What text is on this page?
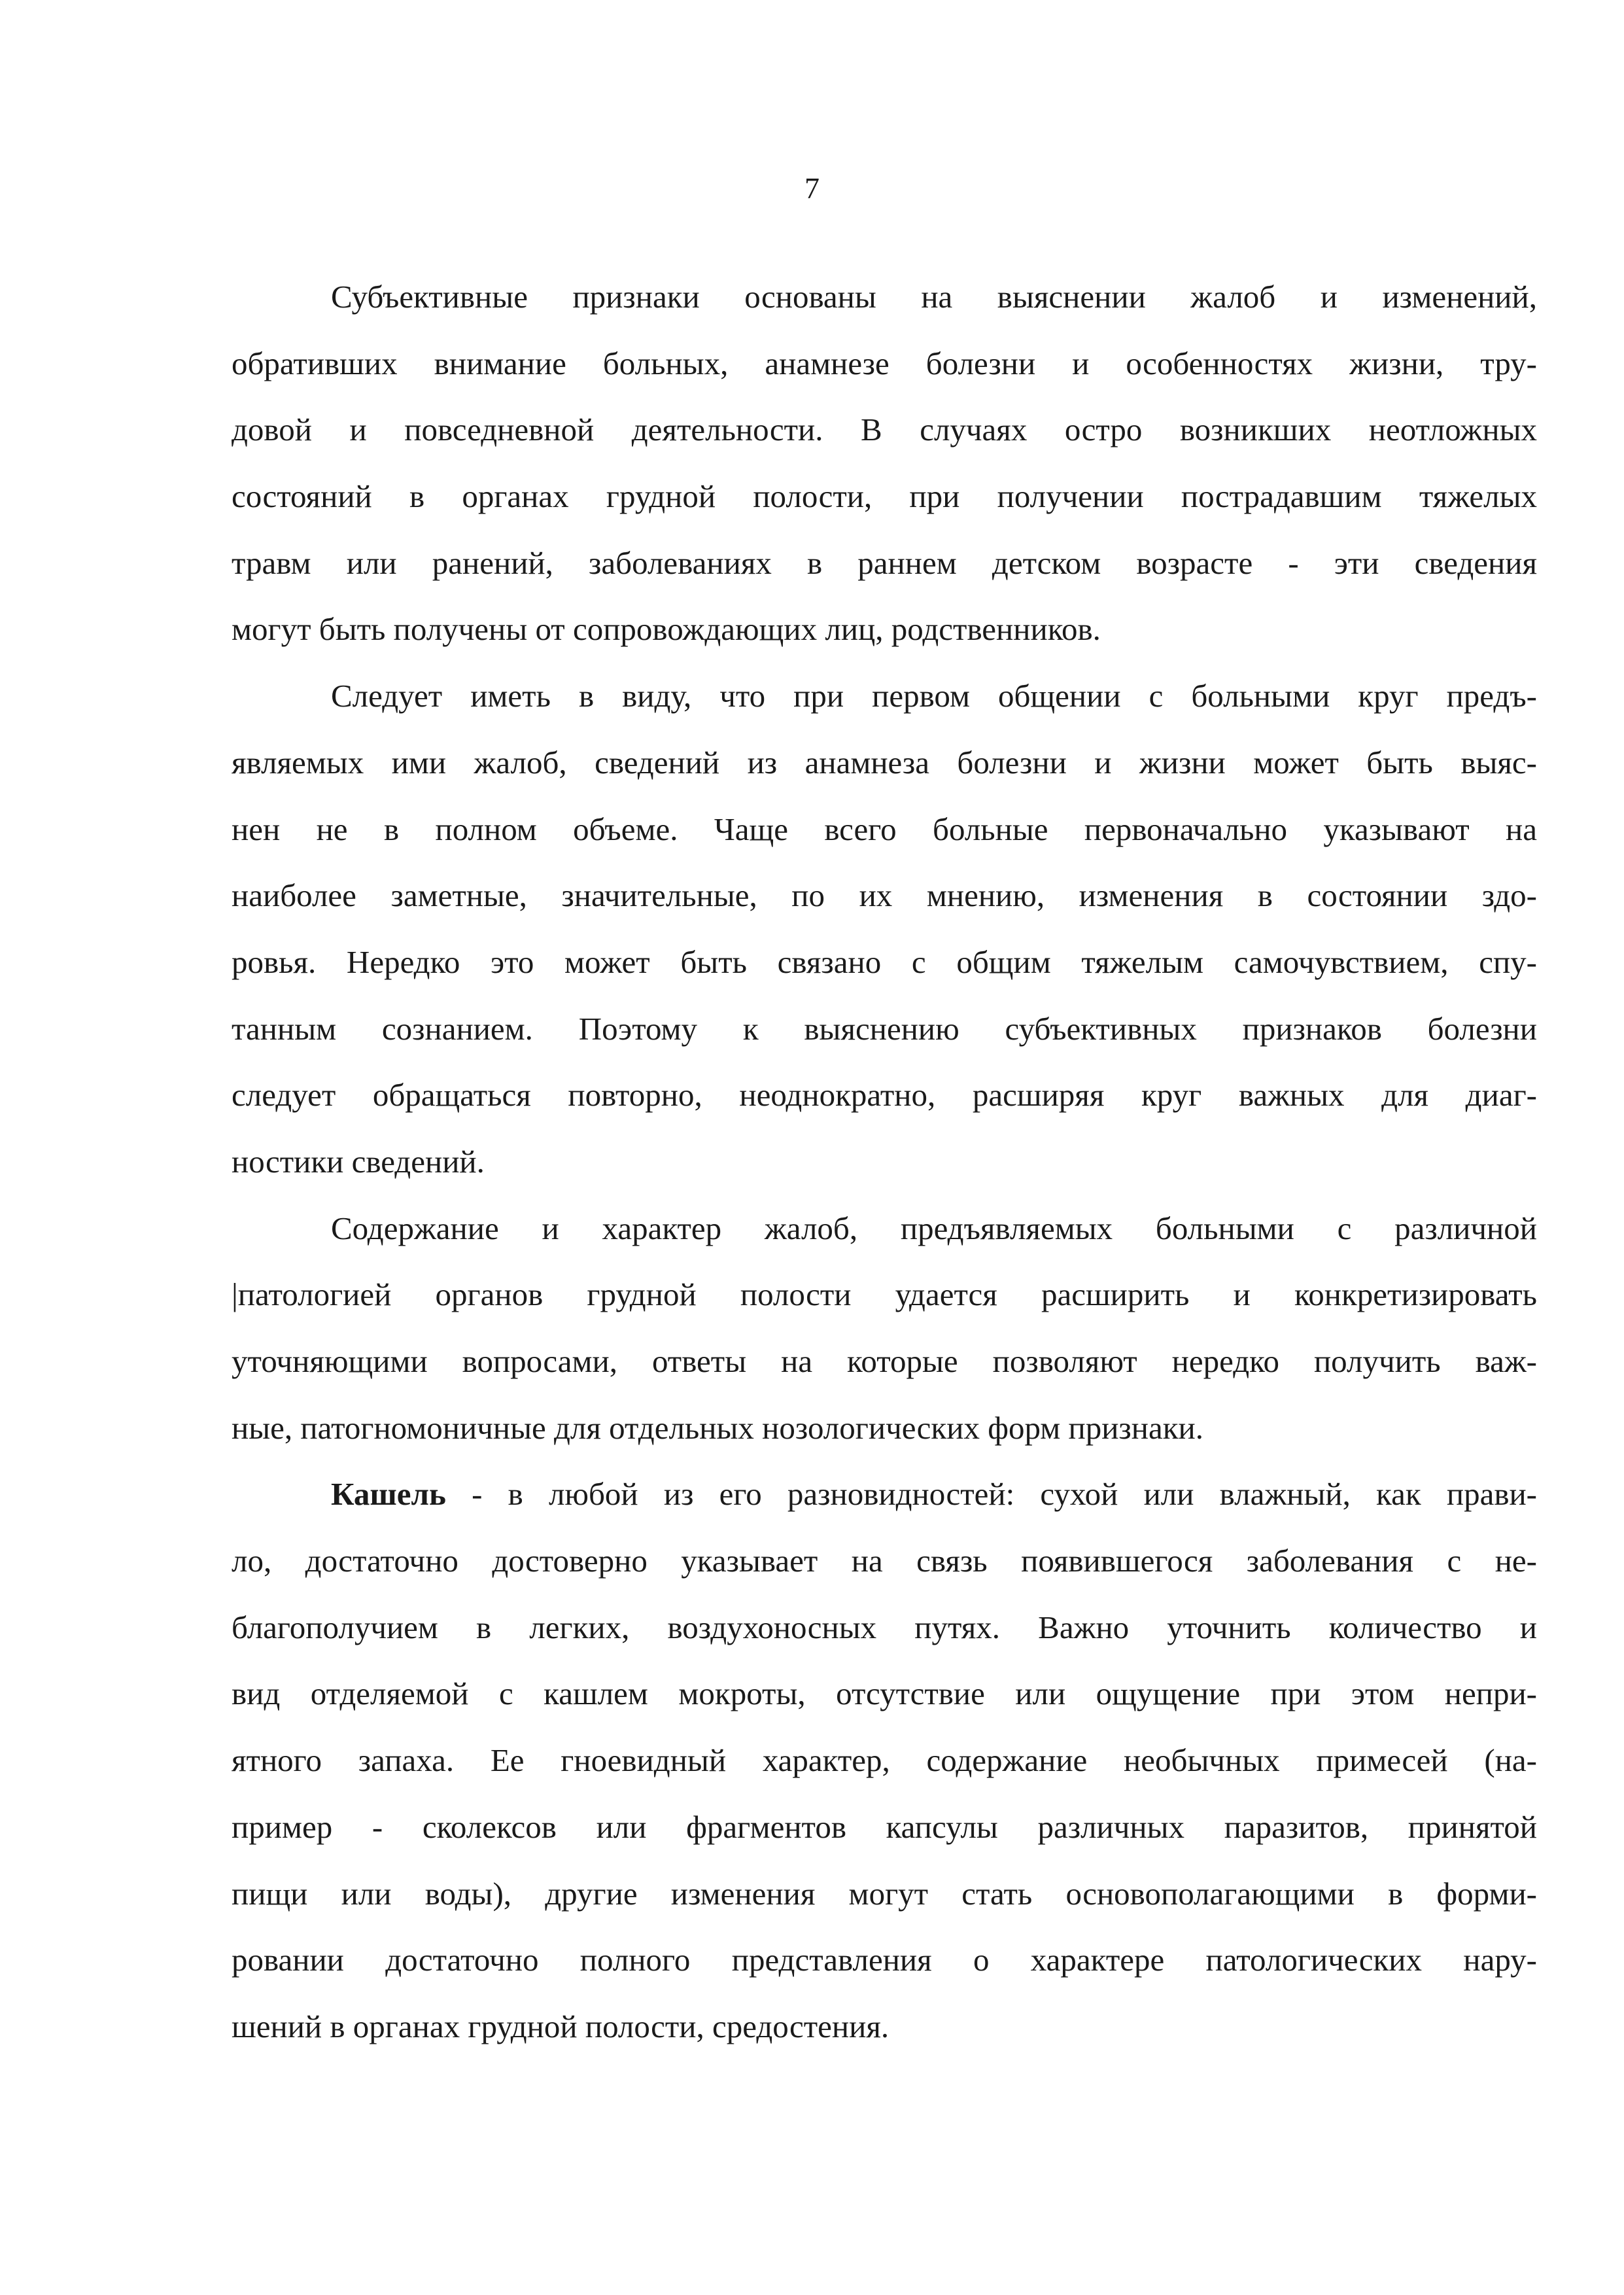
7
Субъективные признаки основаны на выяснении жалоб и изменений,
обративших внимание больных, анамнезе болезни и особенностях жизни, тру-
довой и повседневной деятельности. В случаях остро возникших неотложных
состояний в органах грудной полости, при получении пострадавшим тяжелых
травм или ранений, заболеваниях в раннем детском возрасте - эти сведения
могут быть получены от сопровождающих лиц, родственников.
Следует иметь в виду, что при первом общении с больными круг предъ-
являемых ими жалоб, сведений из анамнеза болезни и жизни может быть выяс-
нен не в полном объеме. Чаще всего больные первоначально указывают на
наиболее заметные, значительные, по их мнению, изменения в состоянии здо-
ровья. Нередко это может быть связано с общим тяжелым самочувствием, спу-
танным сознанием. Поэтому к выяснению субъективных признаков болезни
следует обращаться повторно, неоднократно, расширяя круг важных для диаг-
ностики сведений.
Содержание и характер жалоб, предъявляемых больными с различной
|патологией органов грудной полости удается расширить и конкретизировать
уточняющими вопросами, ответы на которые позволяют нередко получить важ-
ные, патогномоничные для отдельных нозологических форм признаки.
Кашель - в любой из его разновидностей: сухой или влажный, как прави-
ло, достаточно достоверно указывает на связь появившегося заболевания с не-
благополучием в легких, воздухоносных путях. Важно уточнить количество и
вид отделяемой с кашлем мокроты, отсутствие или ощущение при этом непри-
ятного запаха. Ее гноевидный характер, содержание необычных примесей (на-
пример - сколексов или фрагментов капсулы различных паразитов, принятой
пищи или воды), другие изменения могут стать основополагающими в форми-
ровании достаточно полного представления о характере патологических нару-
шений в органах грудной полости, средостения.
